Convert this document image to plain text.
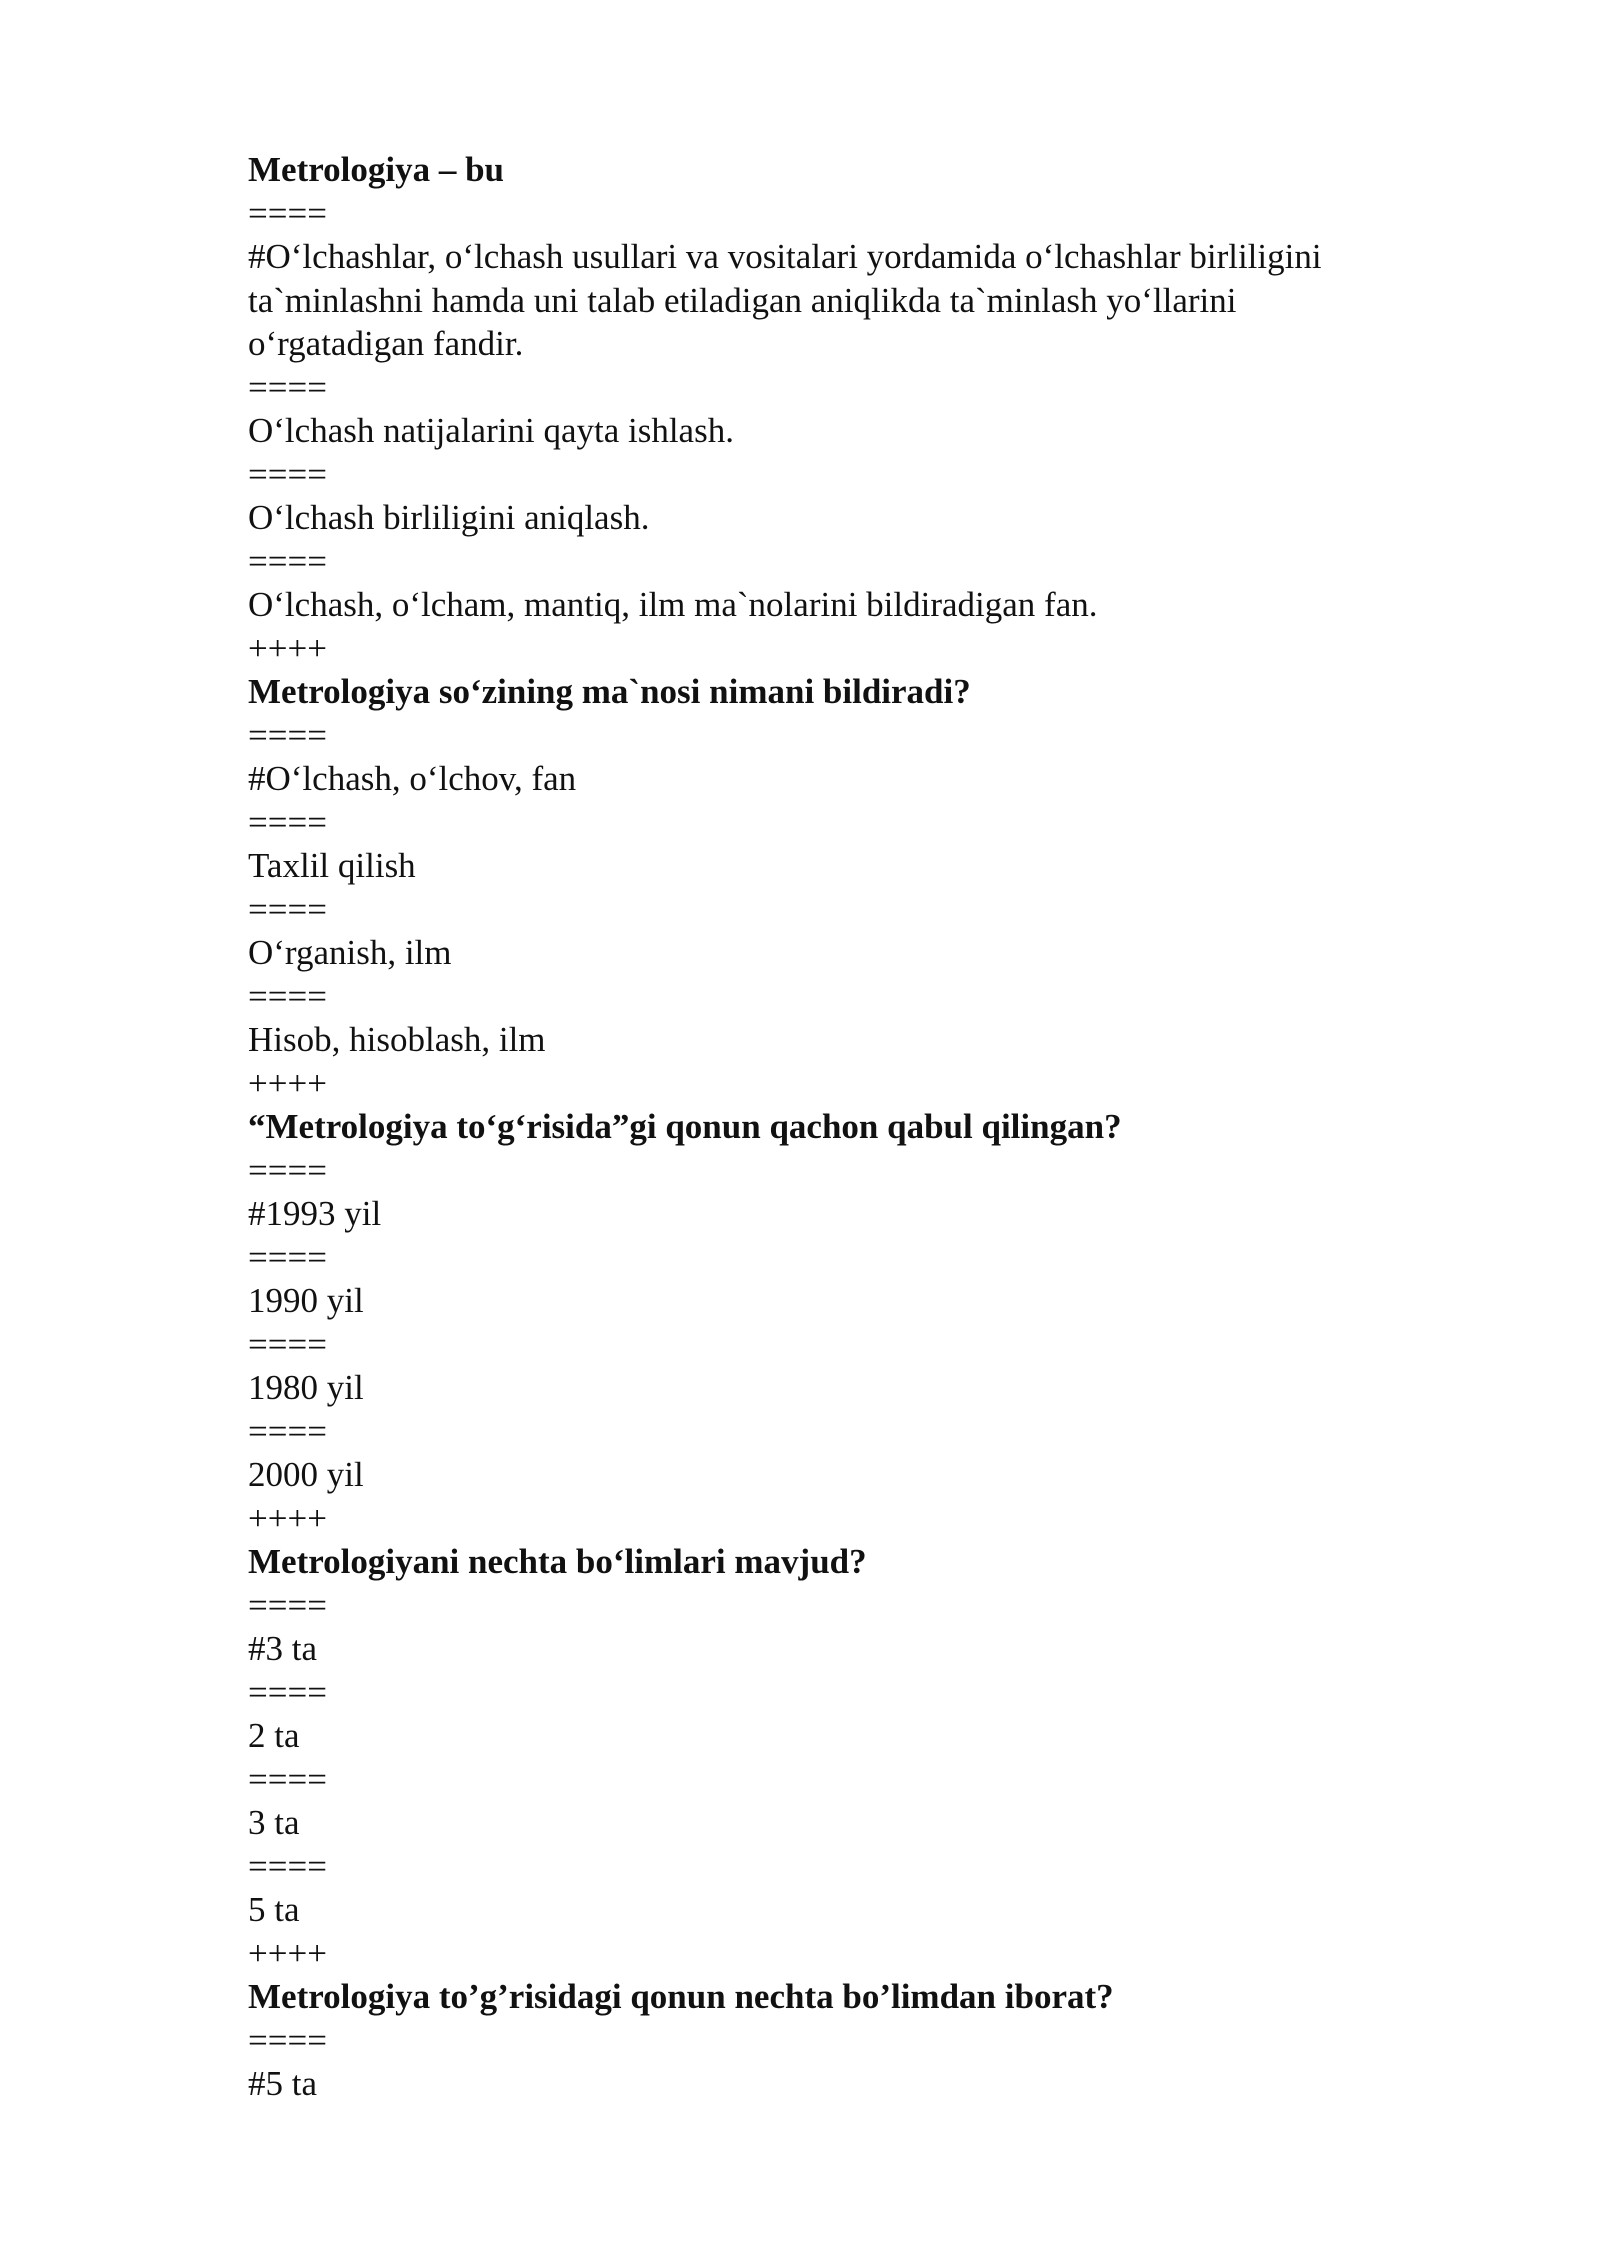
Metrologiya – bu

====

#O‘lchashlar, o‘lchash usullari va vositalari yordamida o‘lchashlar birliligini ta`minlashni hamda uni talab etiladigan aniqlikda ta`minlash yo‘llarini o‘rgatadigan fandir.

====

O‘lchash natijalarini qayta ishlash.

====

O‘lchash birliligini aniqlash.

====

O‘lchash, o‘lcham, mantiq, ilm ma`nolarini bildiradigan fan.

++++

Metrologiya so‘zining ma`nosi nimani bildiradi?

====

#O‘lchash, o‘lchov, fan

====

Taxlil qilish

====

O‘rganish, ilm

====

Hisob, hisoblash, ilm

++++

“Metrologiya to‘g‘risida”gi qonun qachon qabul qilingan?

====

#1993 yil

====

1990 yil

====

1980 yil

====

2000 yil

++++

Metrologiyani nechta bo‘limlari mavjud?

====

#3 ta

====

2 ta

====

3 ta

====

5 ta

++++

Metrologiya to’g’risidagi qonun nechta bo’limdan iborat?

====

#5 ta
